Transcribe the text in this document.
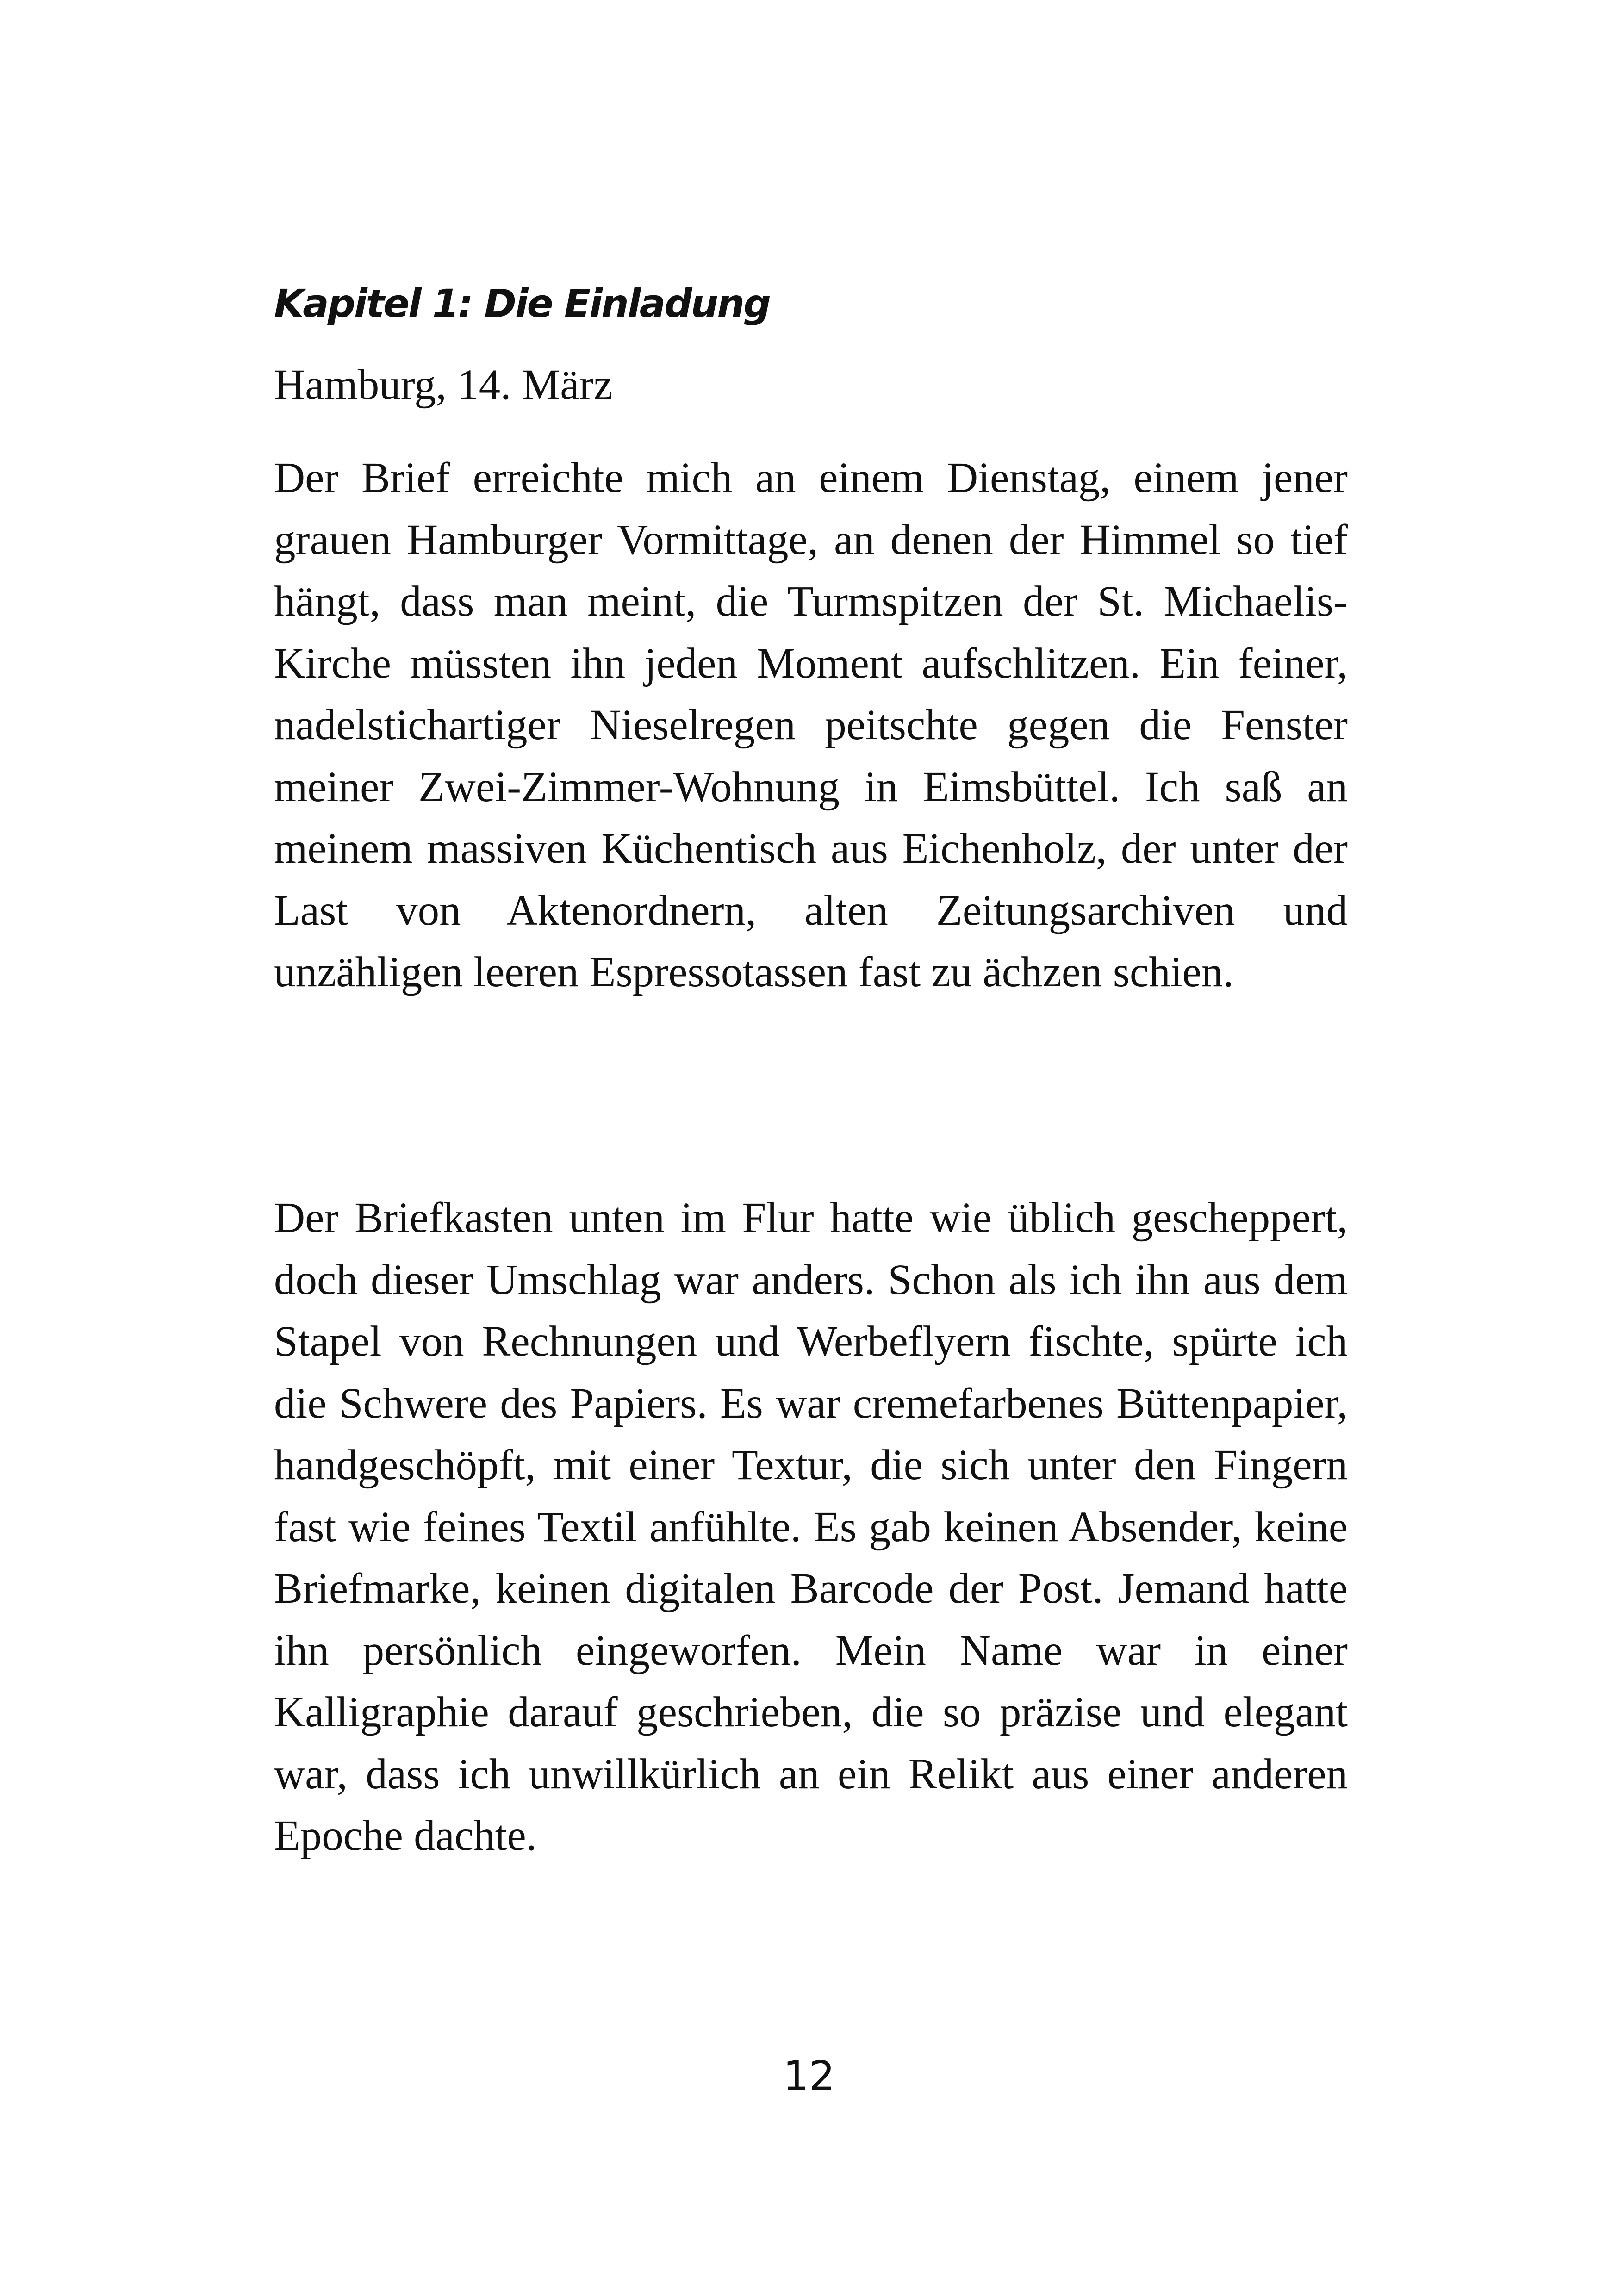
Kapitel 1: Die Einladung

Hamburg, 14. März

Der Brief erreichte mich an einem Dienstag, einem jener grauen Hamburger Vormittage, an denen der Himmel so tief hängt, dass man meint, die Turmspitzen der St. Michaelis-Kirche müssten ihn jeden Moment aufschlitzen. Ein feiner, nadelstichartiger Nieselregen peitschte gegen die Fenster meiner Zwei-Zimmer-Wohnung in Eimsbüttel. Ich saß an meinem massiven Küchentisch aus Eichenholz, der unter der Last von Aktenordnern, alten Zeitungsarchiven und unzähligen leeren Espressotassen fast zu ächzen schien.

Der Briefkasten unten im Flur hatte wie üblich gescheppert, doch dieser Umschlag war anders. Schon als ich ihn aus dem Stapel von Rechnungen und Werbeflyern fischte, spürte ich die Schwere des Papiers. Es war cremefarbenes Büttenpapier, handgeschöpft, mit einer Textur, die sich unter den Fingern fast wie feines Textil anfühlte. Es gab keinen Absender, keine Briefmarke, keinen digitalen Barcode der Post. Jemand hatte ihn persönlich eingeworfen. Mein Name war in einer Kalligraphie darauf geschrieben, die so präzise und elegant war, dass ich unwillkürlich an ein Relikt aus einer anderen Epoche dachte.

12
